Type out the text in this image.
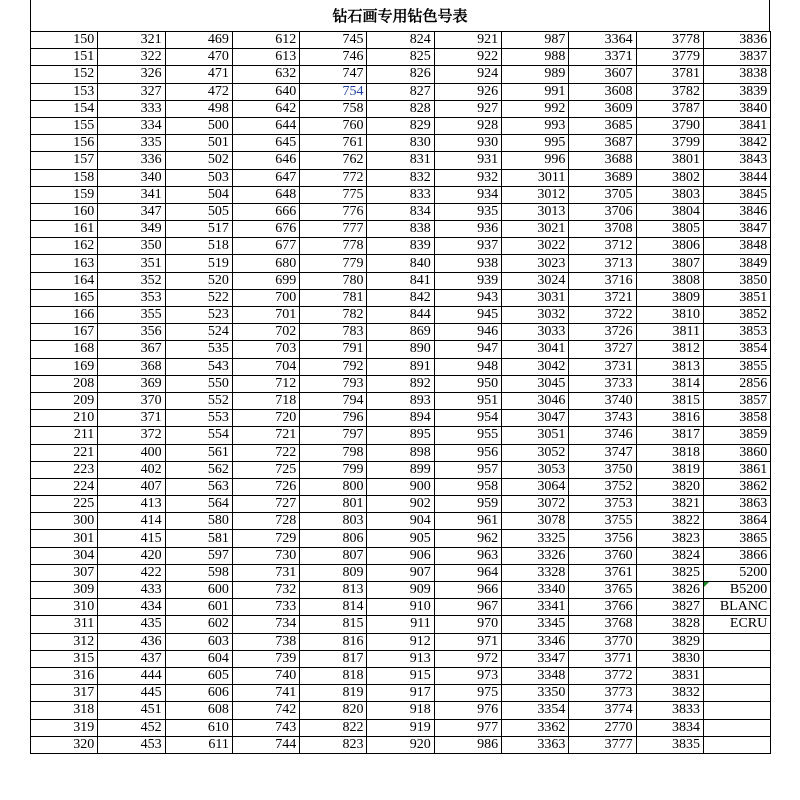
钻石画专用钻色号表
150	321	469	612	745	824	921	987	3364	3778	3836
151	322	470	613	746	825	922	988	3371	3779	3837
152	326	471	632	747	826	924	989	3607	3781	3838
153	327	472	640	754	827	926	991	3608	3782	3839
154	333	498	642	758	828	927	992	3609	3787	3840
155	334	500	644	760	829	928	993	3685	3790	3841
156	335	501	645	761	830	930	995	3687	3799	3842
157	336	502	646	762	831	931	996	3688	3801	3843
158	340	503	647	772	832	932	3011	3689	3802	3844
159	341	504	648	775	833	934	3012	3705	3803	3845
160	347	505	666	776	834	935	3013	3706	3804	3846
161	349	517	676	777	838	936	3021	3708	3805	3847
162	350	518	677	778	839	937	3022	3712	3806	3848
163	351	519	680	779	840	938	3023	3713	3807	3849
164	352	520	699	780	841	939	3024	3716	3808	3850
165	353	522	700	781	842	943	3031	3721	3809	3851
166	355	523	701	782	844	945	3032	3722	3810	3852
167	356	524	702	783	869	946	3033	3726	3811	3853
168	367	535	703	791	890	947	3041	3727	3812	3854
169	368	543	704	792	891	948	3042	3731	3813	3855
208	369	550	712	793	892	950	3045	3733	3814	2856
209	370	552	718	794	893	951	3046	3740	3815	3857
210	371	553	720	796	894	954	3047	3743	3816	3858
211	372	554	721	797	895	955	3051	3746	3817	3859
221	400	561	722	798	898	956	3052	3747	3818	3860
223	402	562	725	799	899	957	3053	3750	3819	3861
224	407	563	726	800	900	958	3064	3752	3820	3862
225	413	564	727	801	902	959	3072	3753	3821	3863
300	414	580	728	803	904	961	3078	3755	3822	3864
301	415	581	729	806	905	962	3325	3756	3823	3865
304	420	597	730	807	906	963	3326	3760	3824	3866
307	422	598	731	809	907	964	3328	3761	3825	5200
309	433	600	732	813	909	966	3340	3765	3826	B5200
310	434	601	733	814	910	967	3341	3766	3827	BLANC
311	435	602	734	815	911	970	3345	3768	3828	ECRU
312	436	603	738	816	912	971	3346	3770	3829	
315	437	604	739	817	913	972	3347	3771	3830	
316	444	605	740	818	915	973	3348	3772	3831	
317	445	606	741	819	917	975	3350	3773	3832	
318	451	608	742	820	918	976	3354	3774	3833	
319	452	610	743	822	919	977	3362	2770	3834	
320	453	611	744	823	920	986	3363	3777	3835	
